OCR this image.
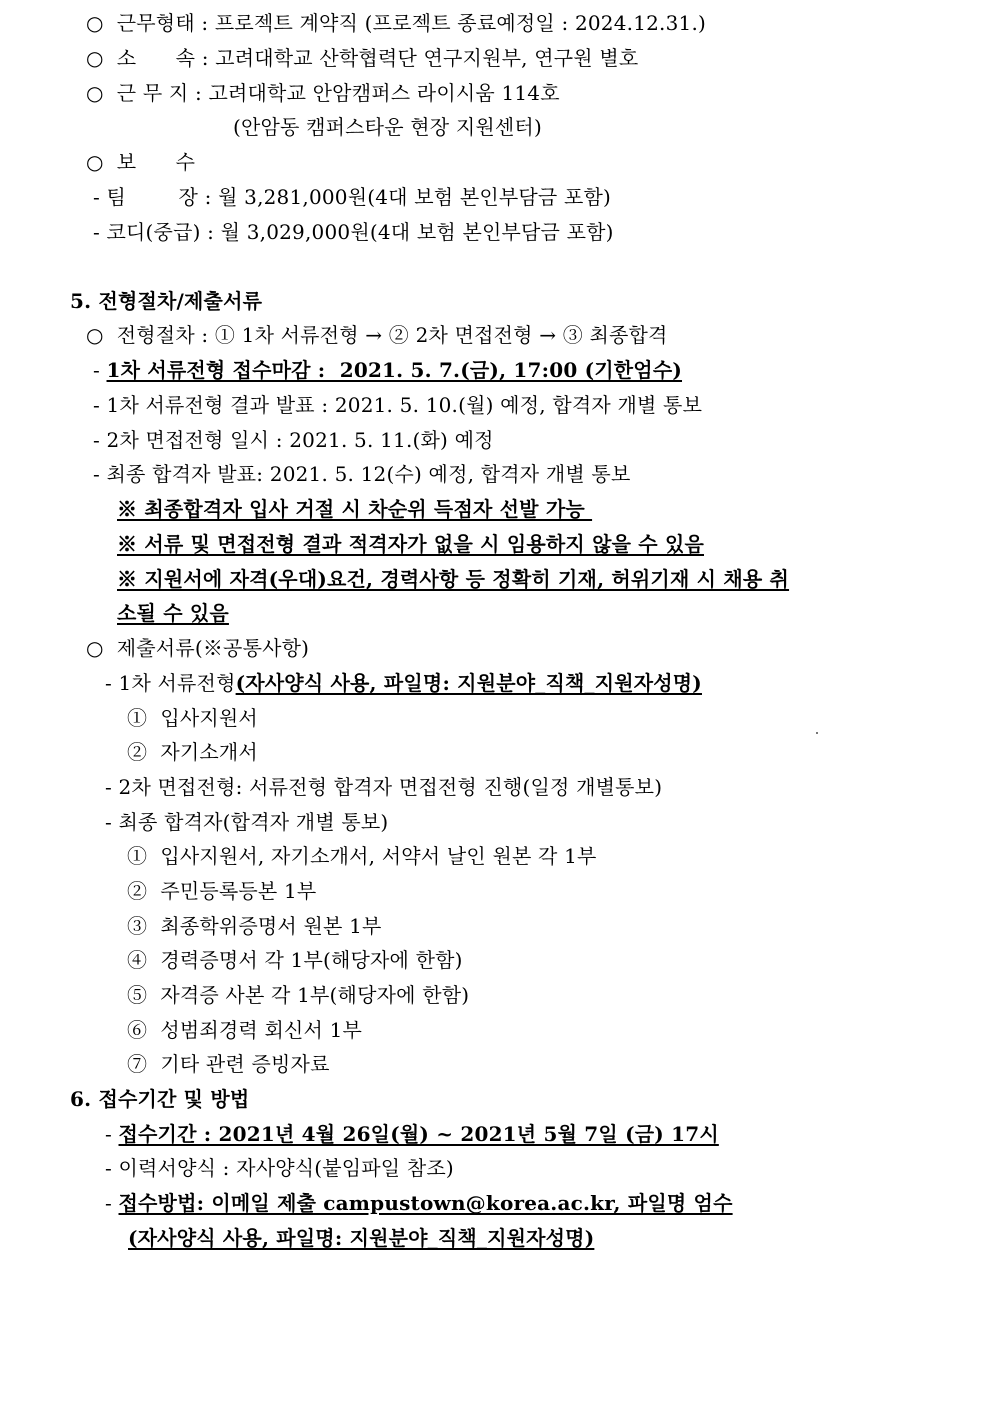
○  근무형태 : 프로젝트 계약직 (프로젝트 종료예정일 : 2024.12.31.)
○  소      속 : 고려대학교 산학협력단 연구지원부, 연구원 별호
○  근 무 지 : 고려대학교 안암캠퍼스 라이시움 114호
(안암동 캠퍼스타운 현장 지원센터)
○  보      수
- 팀        장 : 월 3,281,000원(4대 보험 본인부담금 포함)
- 코디(중급) : 월 3,029,000원(4대 보험 본인부담금 포함)
5. 전형절차/제출서류
○  전형절차 : ① 1차 서류전형 → ② 2차 면접전형 → ③ 최종합격
- 1차 서류전형 접수마감 :  2021. 5. 7.(금), 17:00 (기한엄수)
- 1차 서류전형 결과 발표 : 2021. 5. 10.(월) 예정, 합격자 개별 통보
- 2차 면접전형 일시 : 2021. 5. 11.(화) 예정
- 최종 합격자 발표: 2021. 5. 12(수) 예정, 합격자 개별 통보
※ 최종합격자 입사 거절 시 차순위 득점자 선발 가능
※ 서류 및 면접전형 결과 적격자가 없을 시 임용하지 않을 수 있음
※ 지원서에 자격(우대)요건, 경력사항 등 정확히 기재, 허위기재 시 채용 취
소될 수 있음
○  제출서류(※공통사항)
- 1차 서류전형(자사양식 사용, 파일명: 지원분야_직책_지원자성명)
①  입사지원서
②  자기소개서
- 2차 면접전형: 서류전형 합격자 면접전형 진행(일정 개별통보)
- 최종 합격자(합격자 개별 통보)
①  입사지원서, 자기소개서, 서약서 날인 원본 각 1부
②  주민등록등본 1부
③  최종학위증명서 원본 1부
④  경력증명서 각 1부(해당자에 한함)
⑤  자격증 사본 각 1부(해당자에 한함)
⑥  성범죄경력 회신서 1부
⑦  기타 관련 증빙자료
6. 접수기간 및 방법
- 접수기간 : 2021년 4월 26일(월) ~ 2021년 5월 7일 (금) 17시
- 이력서양식 : 자사양식(붙임파일 참조)
- 접수방법: 이메일 제출 campustown@korea.ac.kr, 파일명 엄수
(자사양식 사용, 파일명: 지원분야_직책_지원자성명)
